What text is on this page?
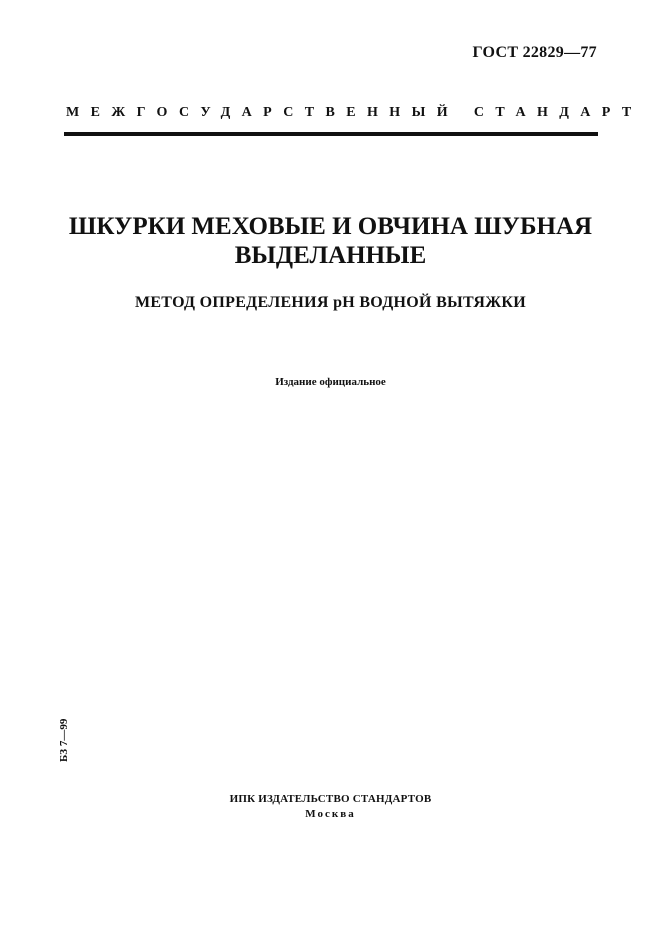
ГОСТ 22829—77
МЕЖГОСУДАРСТВЕННЫЙ СТАНДАРТ
ШКУРКИ МЕХОВЫЕ И ОВЧИНА ШУБНАЯ
ВЫДЕЛАННЫЕ
МЕТОД ОПРЕДЕЛЕНИЯ pH ВОДНОЙ ВЫТЯЖКИ
Издание официальное
БЗ 7—99
ИПК ИЗДАТЕЛЬСТВО СТАНДАРТОВ
Москва
